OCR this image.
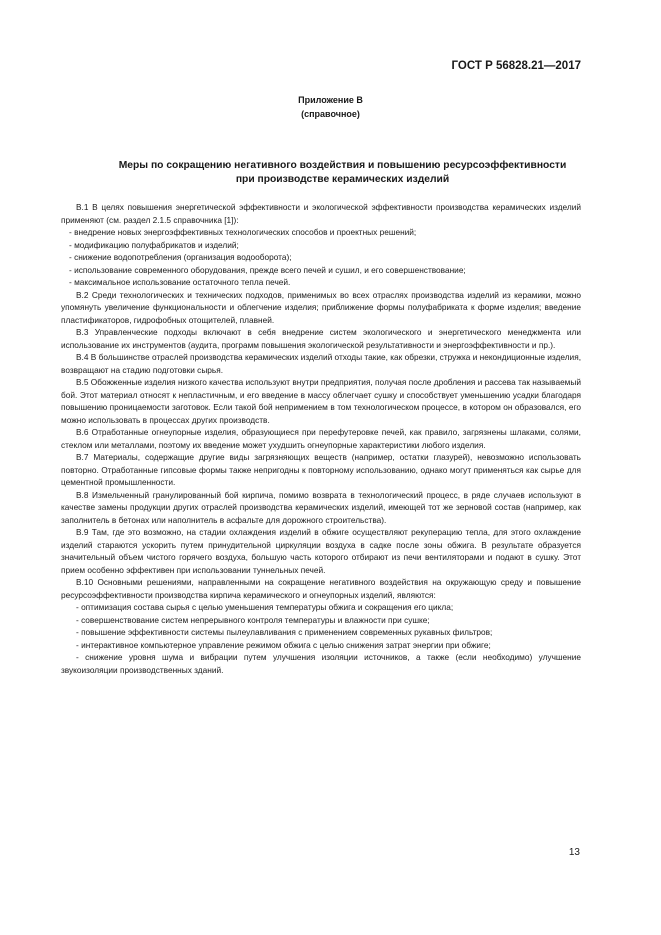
ГОСТ Р 56828.21—2017
Приложение В
(справочное)
Меры по сокращению негативного воздействия и повышению ресурсоэффективности
при производстве керамических изделий

В.1 В целях повышения энергетической эффективности и экологической эффективности производства керамических изделий применяют (см. раздел 2.1.5 справочника [1]):

- внедрение новых энергоэффективных технологических способов и проектных решений;

- модификацию полуфабрикатов и изделий;

- снижение водопотребления (организация водооборота);

- использование современного оборудования, прежде всего печей и сушил, и его совершенствование;

- максимальное использование остаточного тепла печей.

В.2 Среди технологических и технических подходов, применимых во всех отраслях производства изделий из керамики, можно упомянуть увеличение функциональности и облегчение изделия; приближение формы полуфабриката к форме изделия; введение пластификаторов, гидрофобных отощителей, плавней.

В.3 Управленческие подходы включают в себя внедрение систем экологического и энергетического менеджмента или использование их инструментов (аудита, программ повышения экологической результативности и энергоэффективности и пр.).

В.4 В большинстве отраслей производства керамических изделий отходы такие, как обрезки, стружка и некондиционные изделия, возвращают на стадию подготовки сырья.

В.5 Обожженные изделия низкого качества используют внутри предприятия, получая после дробления и рассева так называемый бой. Этот материал относят к непластичным, и его введение в массу облегчает сушку и способствует уменьшению усадки благодаря повышению проницаемости заготовок. Если такой бой непримением в том технологическом процессе, в котором он образовался, его можно использовать в процессах других производств.

В.6 Отработанные огнеупорные изделия, образующиеся при перефутеровке печей, как правило, загрязнены шлаками, солями, стеклом или металлами, поэтому их введение может ухудшить огнеупорные характеристики любого изделия.

В.7 Материалы, содержащие другие виды загрязняющих веществ (например, остатки глазурей), невозможно использовать повторно. Отработанные гипсовые формы также непригодны к повторному использованию, однако могут применяться как сырье для цементной промышленности.

В.8 Измельченный гранулированный бой кирпича, помимо возврата в технологический процесс, в ряде случаев используют в качестве замены продукции других отраслей производства керамических изделий, имеющей тот же зерновой состав (например, как заполнитель в бетонах или наполнитель в асфальте для дорожного строительства).

В.9 Там, где это возможно, на стадии охлаждения изделий в обжиге осуществляют рекуперацию тепла, для этого охлаждение изделий стараются ускорить путем принудительной циркуляции воздуха в садке после зоны обжига. В результате образуется значительный объем чистого горячего воздуха, большую часть которого отбирают из печи вентиляторами и подают в сушку. Этот прием особенно эффективен при использовании туннельных печей.

В.10 Основными решениями, направленными на сокращение негативного воздействия на окружающую среду и повышение ресурсоэффективности производства кирпича керамического и огнеупорных изделий, являются:

- оптимизация состава сырья с целью уменьшения температуры обжига и сокращения его цикла;

- совершенствование систем непрерывного контроля температуры и влажности при сушке;

- повышение эффективности системы пылеулавливания с применением современных рукавных фильтров;

- интерактивное компьютерное управление режимом обжига с целью снижения затрат энергии при обжиге;

- снижение уровня шума и вибрации путем улучшения изоляции источников, а также (если необходимо) улучшение звукоизоляции производственных зданий.

13
